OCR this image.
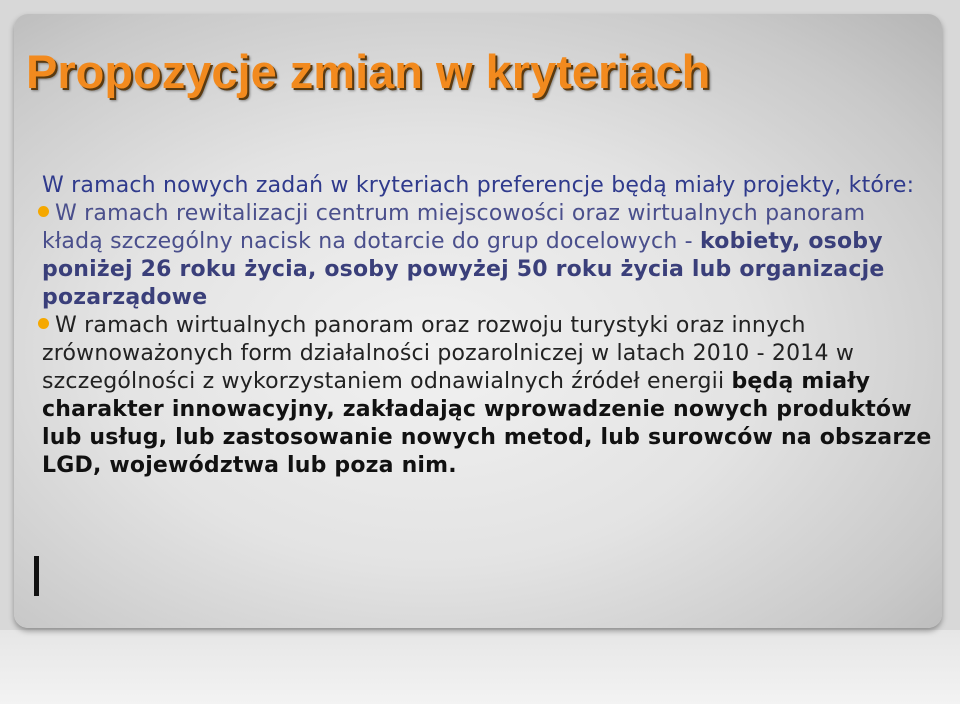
Propozycje zmian w kryteriach

W ramach nowych zadań w kryteriach preferencje będą miały projekty, które:

W ramach rewitalizacji centrum miejscowości oraz wirtualnych panoram kładą szczególny nacisk na dotarcie do grup docelowych - kobiety, osoby poniżej 26 roku życia, osoby powyżej 50 roku życia lub organizacje pozarządowe

W ramach wirtualnych panoram oraz rozwoju turystyki oraz innych zrównoważonych form działalności pozarolniczej w latach 2010 - 2014 w szczególności z wykorzystaniem odnawialnych źródeł energii będą miały charakter innowacyjny, zakładając wprowadzenie nowych produktów lub usług, lub zastosowanie nowych metod, lub surowców na obszarze LGD, województwa lub poza nim.
